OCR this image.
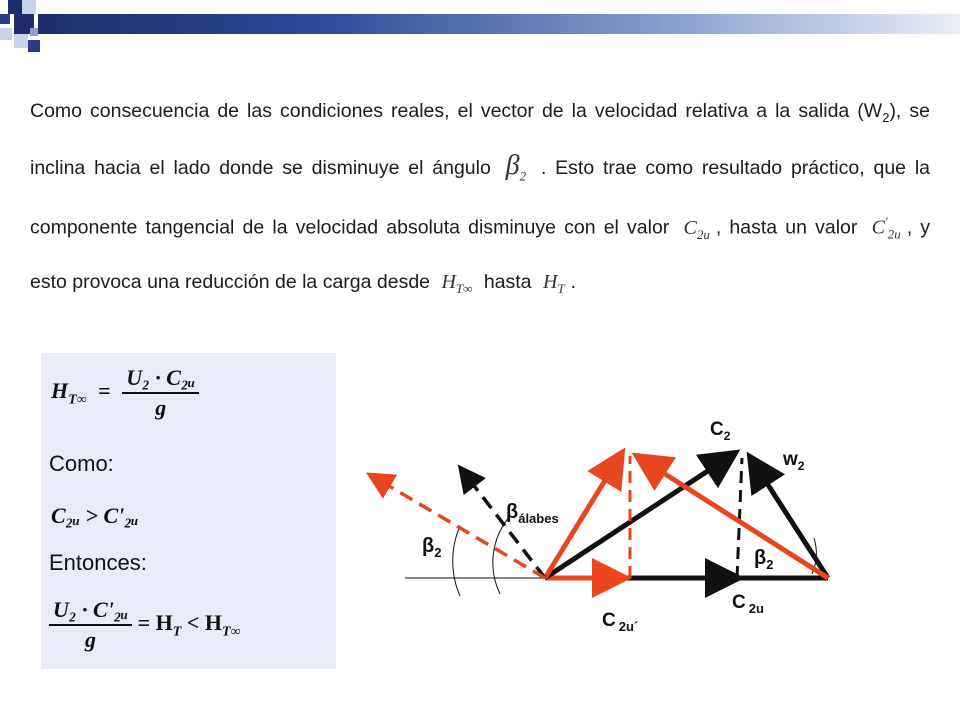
Como consecuencia de las condiciones reales, el vector de la velocidad relativa a la salida $(W_2)$, se inclina hacia el lado donde se disminuye el ángulo $\beta_2$ . Esto trae como resultado práctico, que la componente tangencial de la velocidad absoluta disminuye con el valor $C_{2u}$ , hasta un valor $C'_{2u}$ , y esto provoca una reducción de la carga desde $H_{T\infty}$ hasta $H_T$ .
$H_{T\infty} = \frac{\text{U₂ · C₂ᵤ}}{g}$
Como:
C₂ᵤ > C'₂ᵤ
Entonces:
$\frac{\text{U₂ · C'₂ᵤ}}{g} = H_T < H_{T\infty}$
$C_2$
$w_2$
$\beta_{álabes}$
$\beta_2$	$\beta_2$
C $_{2u}$
C $_{2u´}$
